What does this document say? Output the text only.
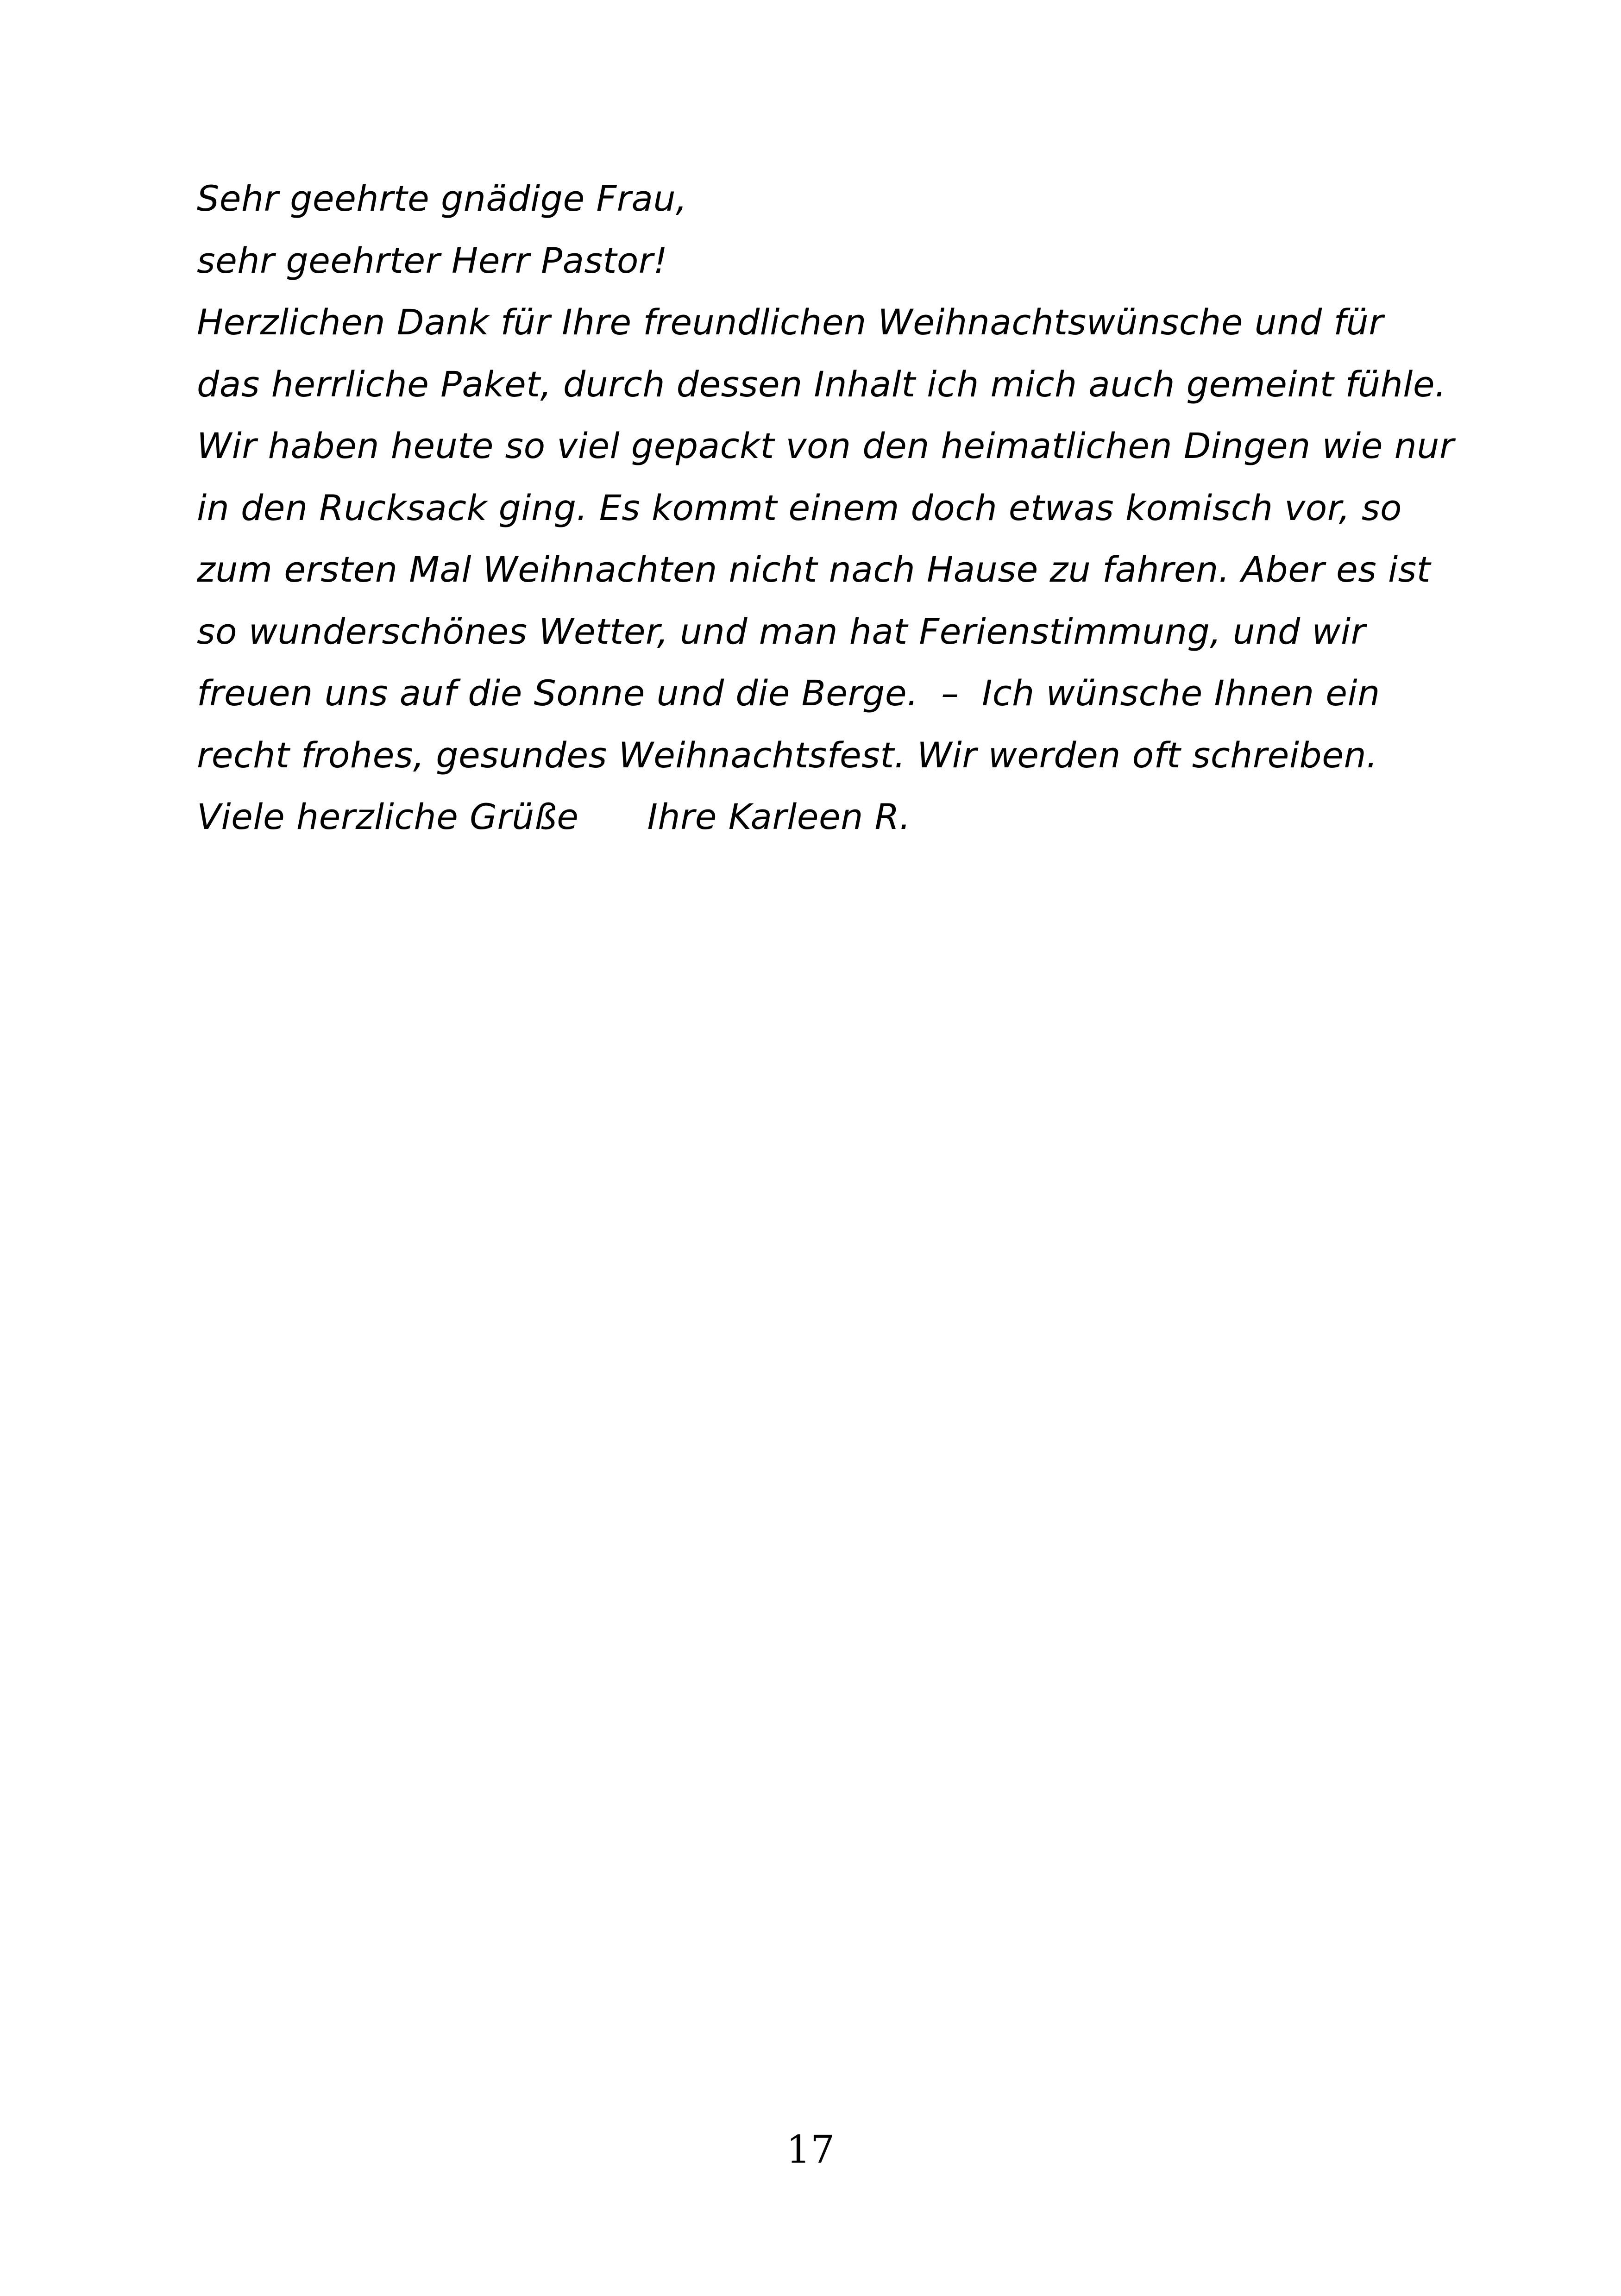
Sehr geehrte gnädige Frau,
sehr geehrter Herr Pastor!
Herzlichen Dank für Ihre freundlichen Weihnachtswünsche und für
das herrliche Paket, durch dessen Inhalt ich mich auch gemeint fühle.
Wir haben heute so viel gepackt von den heimatlichen Dingen wie nur
in den Rucksack ging. Es kommt einem doch etwas komisch vor, so
zum ersten Mal Weihnachten nicht nach Hause zu fahren. Aber es ist
so wunderschönes Wetter, und man hat Ferienstimmung, und wir
freuen uns auf die Sonne und die Berge.  –  Ich wünsche Ihnen ein
recht frohes, gesundes Weihnachtsfest. Wir werden oft schreiben.
Viele herzliche Grüße      Ihre Karleen R.
17
